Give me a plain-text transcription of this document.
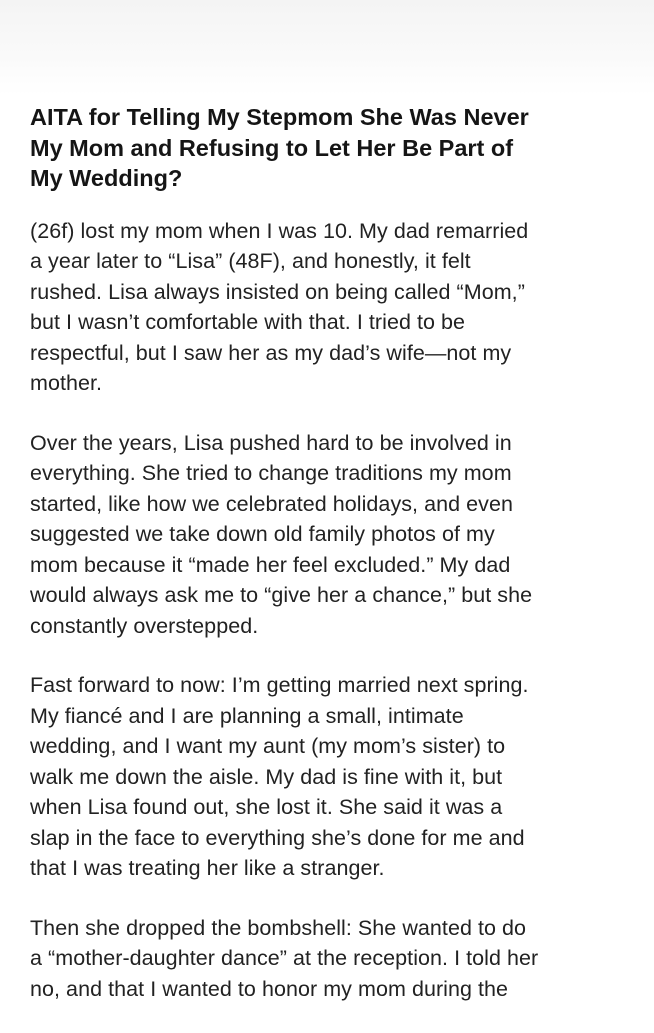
AITA for Telling My Stepmom She Was Never
My Mom and Refusing to Let Her Be Part of
My Wedding?

(26f) lost my mom when I was 10. My dad remarried
a year later to “Lisa” (48F), and honestly, it felt
rushed. Lisa always insisted on being called “Mom,”
but I wasn’t comfortable with that. I tried to be
respectful, but I saw her as my dad’s wife—not my
mother.

Over the years, Lisa pushed hard to be involved in
everything. She tried to change traditions my mom
started, like how we celebrated holidays, and even
suggested we take down old family photos of my
mom because it “made her feel excluded.” My dad
would always ask me to “give her a chance,” but she
constantly overstepped.

Fast forward to now: I’m getting married next spring.
My fiancé and I are planning a small, intimate
wedding, and I want my aunt (my mom’s sister) to
walk me down the aisle. My dad is fine with it, but
when Lisa found out, she lost it. She said it was a
slap in the face to everything she’s done for me and
that I was treating her like a stranger.

Then she dropped the bombshell: She wanted to do
a “mother-daughter dance” at the reception. I told her
no, and that I wanted to honor my mom during the
